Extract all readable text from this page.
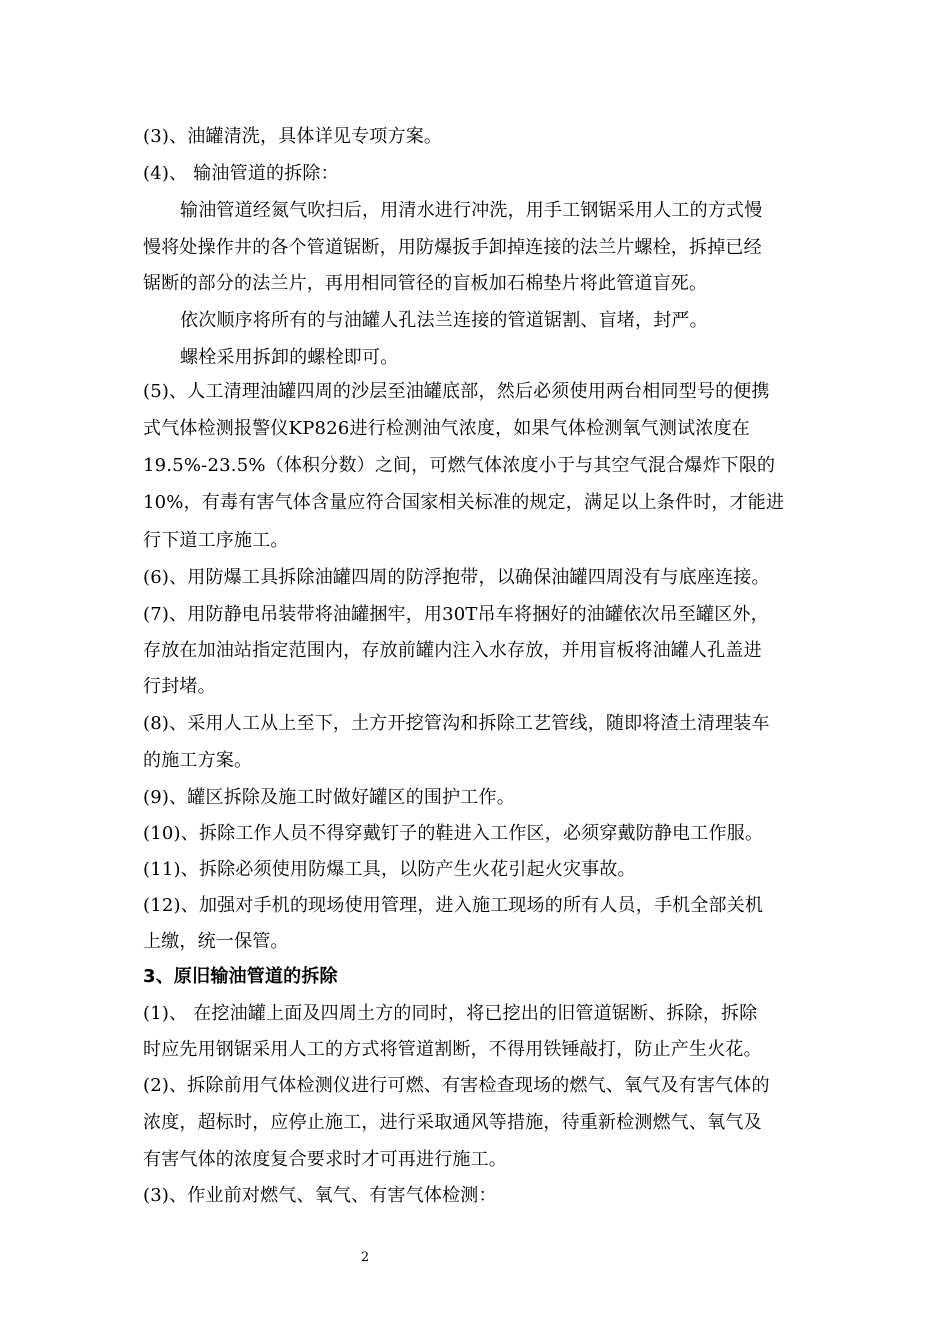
(3)、油罐清洗，具体详见专项方案。
(4)、 输油管道的拆除：
输油管道经氮气吹扫后，用清水进行冲洗，用手工钢锯采用人工的方式慢
慢将处操作井的各个管道锯断，用防爆扳手卸掉连接的法兰片螺栓，拆掉已经
锯断的部分的法兰片，再用相同管径的盲板加石棉垫片将此管道盲死。
依次顺序将所有的与油罐人孔法兰连接的管道锯割、盲堵，封严。
螺栓采用拆卸的螺栓即可。
(5)、人工清理油罐四周的沙层至油罐底部，然后必须使用两台相同型号的便携
式气体检测报警仪KP826进行检测油气浓度，如果气体检测氧气测试浓度在
19.5%-23.5%（体积分数）之间，可燃气体浓度小于与其空气混合爆炸下限的
10%，有毒有害气体含量应符合国家相关标准的规定，满足以上条件时，才能进
行下道工序施工。
(6)、用防爆工具拆除油罐四周的防浮抱带，以确保油罐四周没有与底座连接。
(7)、用防静电吊装带将油罐捆牢，用30T吊车将捆好的油罐依次吊至罐区外，
存放在加油站指定范围内，存放前罐内注入水存放，并用盲板将油罐人孔盖进
行封堵。
(8)、采用人工从上至下，土方开挖管沟和拆除工艺管线，随即将渣土清理装车
的施工方案。
(9)、罐区拆除及施工时做好罐区的围护工作。
(10)、拆除工作人员不得穿戴钉子的鞋进入工作区，必须穿戴防静电工作服。
(11)、拆除必须使用防爆工具，以防产生火花引起火灾事故。
(12)、加强对手机的现场使用管理，进入施工现场的所有人员，手机全部关机
上缴，统一保管。
3、原旧输油管道的拆除
(1)、 在挖油罐上面及四周土方的同时，将已挖出的旧管道锯断、拆除，拆除
时应先用钢锯采用人工的方式将管道割断，不得用铁锤敲打，防止产生火花。
(2)、拆除前用气体检测仪进行可燃、有害检查现场的燃气、氧气及有害气体的
浓度，超标时，应停止施工，进行采取通风等措施，待重新检测燃气、氧气及
有害气体的浓度复合要求时才可再进行施工。
(3)、作业前对燃气、氧气、有害气体检测：
2
